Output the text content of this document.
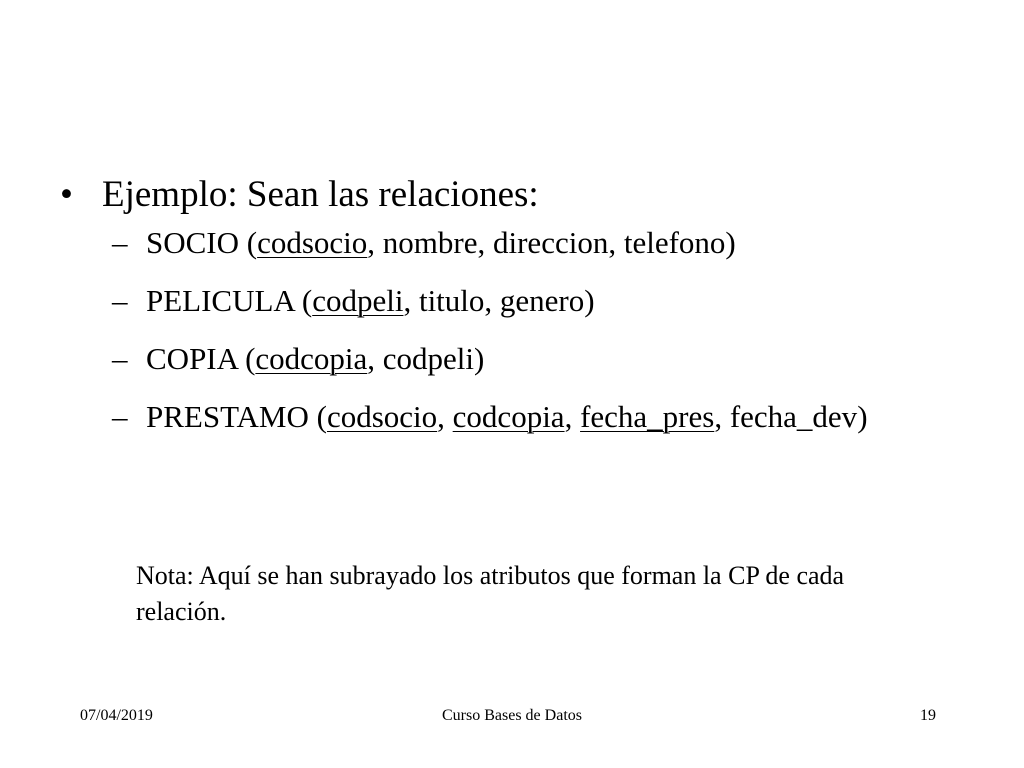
• Ejemplo: Sean las relaciones:
– SOCIO (codsocio, nombre, direccion, telefono)
– PELICULA (codpeli, titulo, genero)
– COPIA (codcopia, codpeli)
– PRESTAMO (codsocio, codcopia, fecha_pres, fecha_dev)
Nota: Aquí se han subrayado los atributos que forman la CP de cada relación.
07/04/2019	Curso Bases de Datos	19
